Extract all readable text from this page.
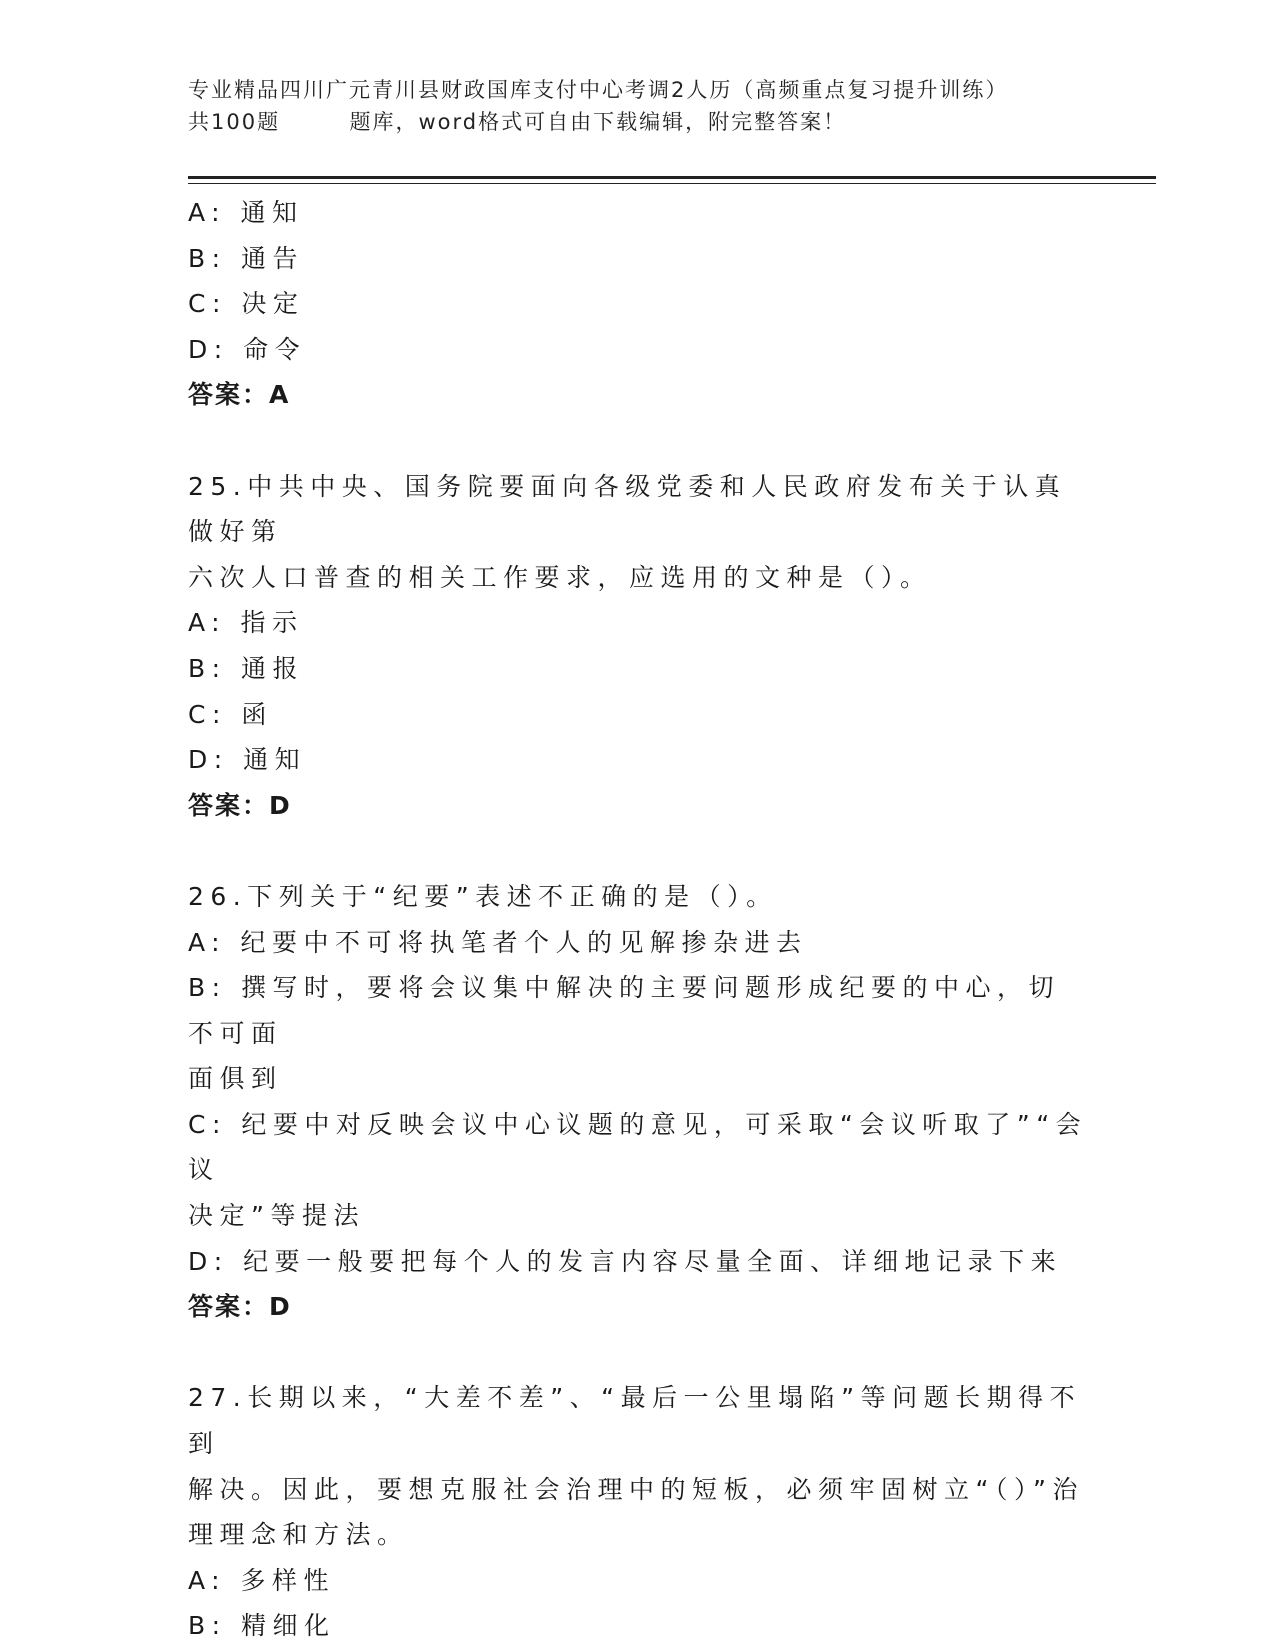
专业精品四川广元青川县财政国库支付中心考调2人历（高频重点复习提升训练）
共100题        题库，word格式可自由下载编辑，附完整答案！
A: 通知
B: 通告
C: 决定
D: 命令
答案：A
25.中共中央、国务院要面向各级党委和人民政府发布关于认真做好第
六次人口普查的相关工作要求，应选用的文种是（）。
A: 指示
B: 通报
C: 函
D: 通知
答案：D
26.下列关于“纪要”表述不正确的是（）。
A: 纪要中不可将执笔者个人的见解掺杂进去
B: 撰写时，要将会议集中解决的主要问题形成纪要的中心，切不可面
面俱到
C: 纪要中对反映会议中心议题的意见，可采取“会议听取了”“会议
决定”等提法
D: 纪要一般要把每个人的发言内容尽量全面、详细地记录下来
答案：D
27.长期以来，“大差不差”、“最后一公里塌陷”等问题长期得不到
解决。因此，要想克服社会治理中的短板，必须牢固树立“（）”治
理理念和方法。
A: 多样性
B: 精细化
